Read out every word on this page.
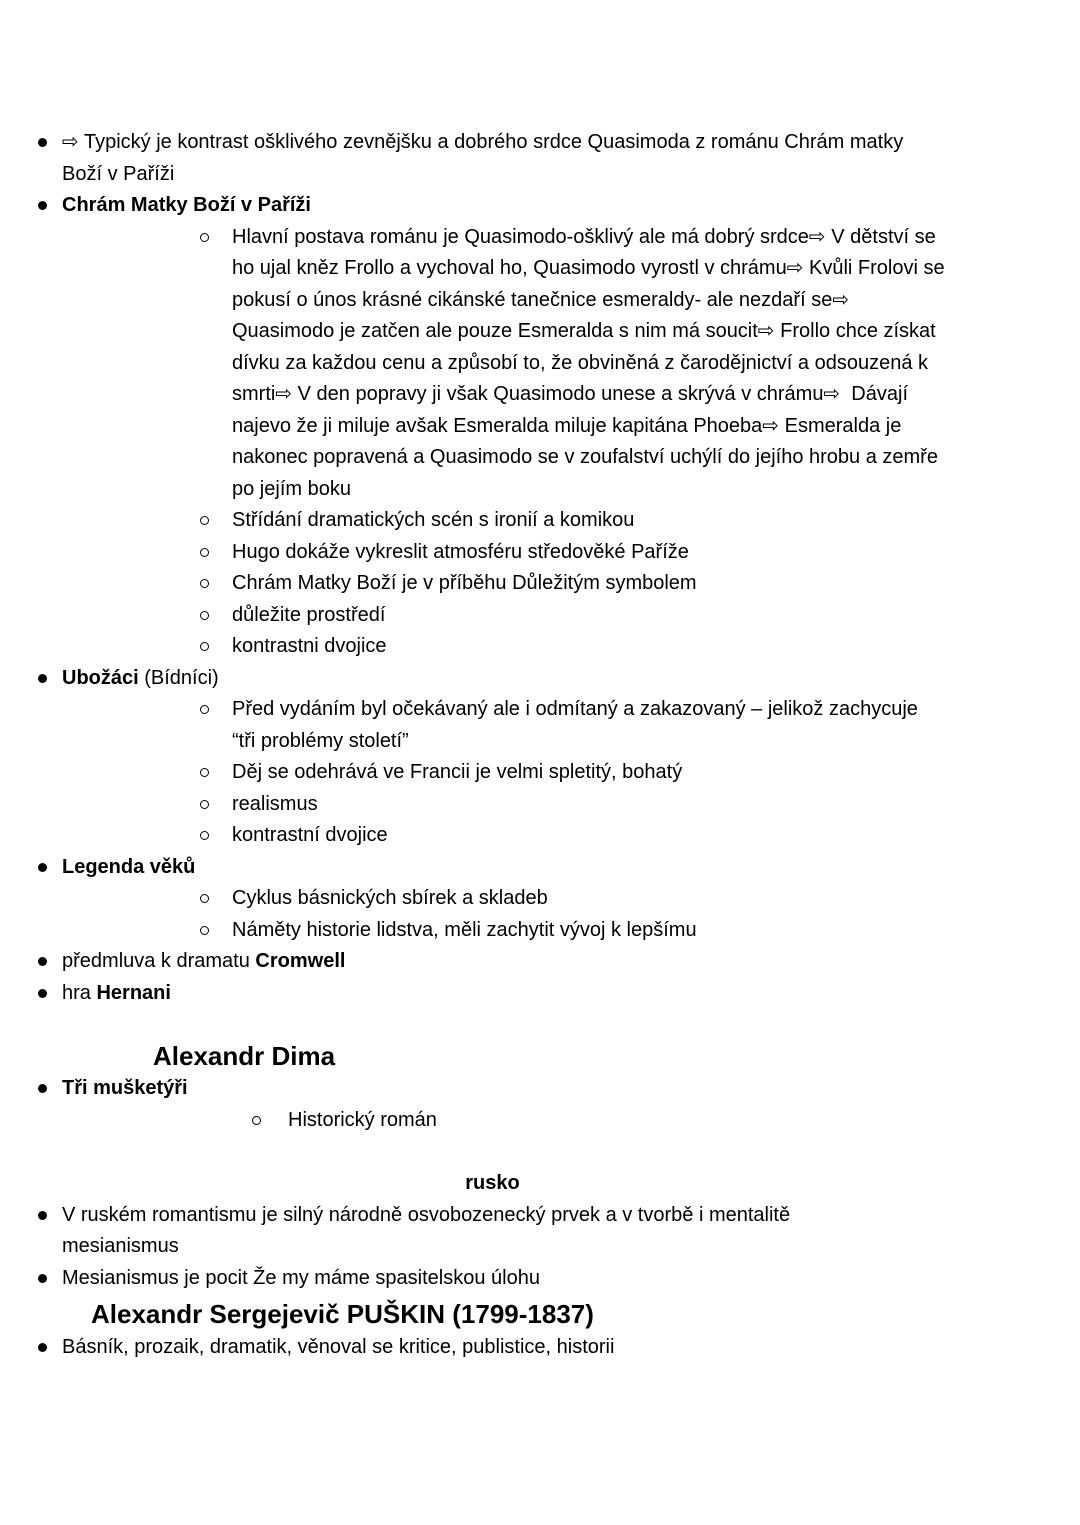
⇨ Typický je kontrast ošklivého zevnějšku a dobrého srdce Quasimoda z románu Chrám matky
Boží v Paříži
Chrám Matky Boží v Paříži
Hlavní postava románu je Quasimodo-ošklivý ale má dobrý srdce⇨ V dětství se
ho ujal kněz Frollo a vychoval ho, Quasimodo vyrostl v chrámu⇨ Kvůli Frolovi se
pokusí o únos krásné cikánské tanečnice esmeraldy- ale nezdaří se⇨
Quasimodo je zatčen ale pouze Esmeralda s nim má soucit⇨ Frollo chce získat
dívku za každou cenu a způsobí to, že obviněná z čarodějnictví a odsouzená k
smrti⇨ V den popravy ji však Quasimodo unese a skrývá v chrámu⇨  Dávají
najevo že ji miluje avšak Esmeralda miluje kapitána Phoeba⇨ Esmeralda je
nakonec popravená a Quasimodo se v zoufalství uchýlí do jejího hrobu a zemře
po jejím boku
Střídání dramatických scén s ironií a komikou
Hugo dokáže vykreslit atmosféru středověké Paříže
Chrám Matky Boží je v příběhu Důležitým symbolem
důležite prostředí
kontrastni dvojice
Ubožáci (Bídníci)
Před vydáním byl očekávaný ale i odmítaný a zakazovaný – jelikož zachycuje
“tři problémy století”
Děj se odehrává ve Francii je velmi spletitý, bohatý
realismus
kontrastní dvojice
Legenda věků
Cyklus básnických sbírek a skladeb
Náměty historie lidstva, měli zachytit vývoj k lepšímu
předmluva k dramatu Cromwell
hra Hernani
Alexandr Dima
Tři mušketýři
Historický román
rusko
V ruském romantismu je silný národně osvobozenecký prvek a v tvorbě i mentalitě
mesianismus
Mesianismus je pocit Že my máme spasitelskou úlohu
Alexandr Sergejevič PUŠKIN (1799-1837)
Básník, prozaik, dramatik, věnoval se kritice, publistice, historii
